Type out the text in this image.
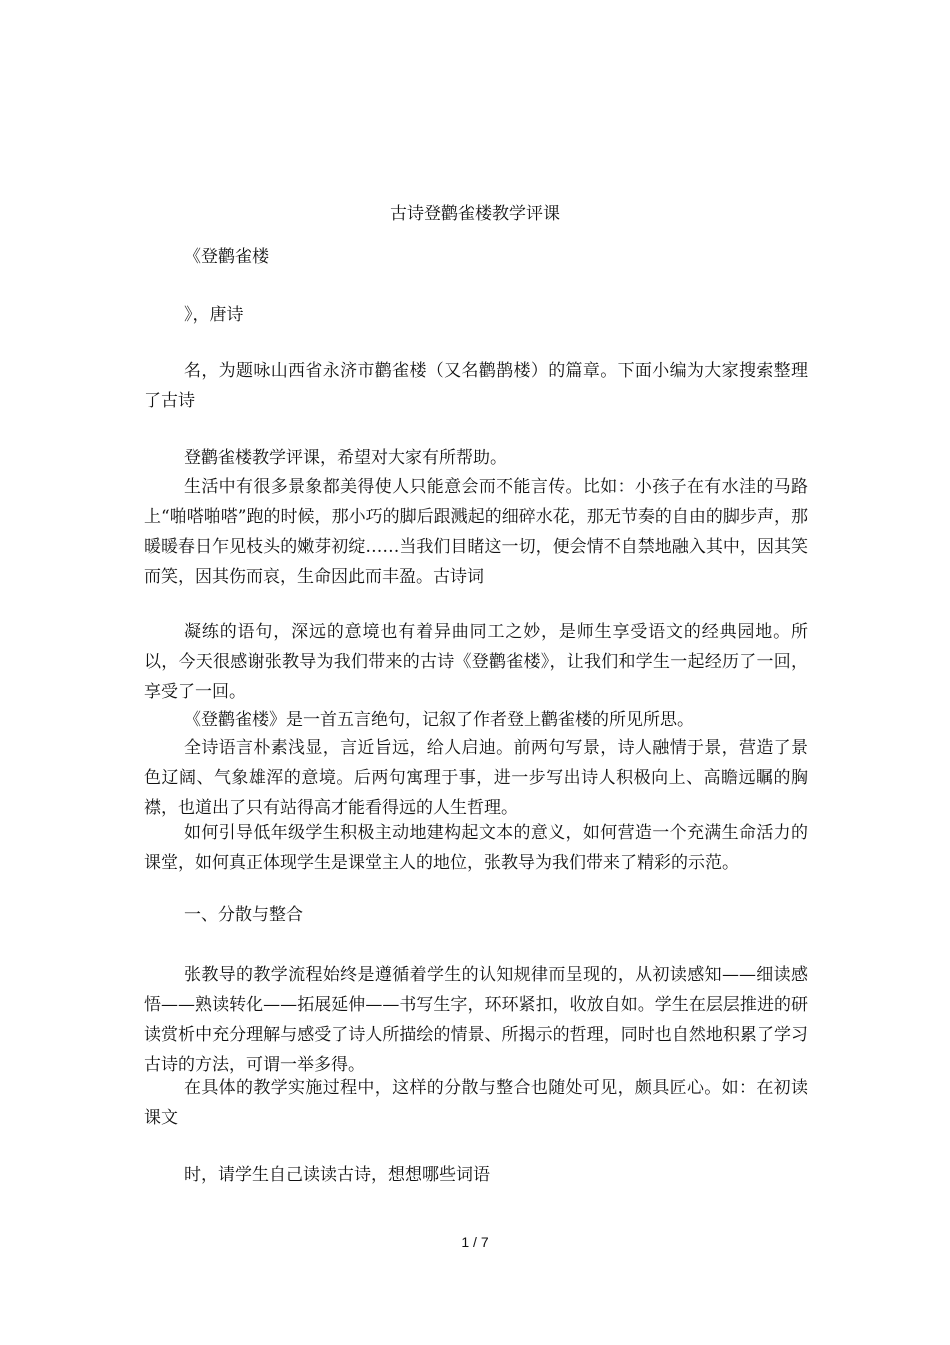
古诗登鹳雀楼教学评课

《登鹳雀楼

》，唐诗

名，为题咏山西省永济市鹳雀楼（又名鹳鹊楼）的篇章。下面小编为大家搜索整理了古诗

登鹳雀楼教学评课，希望对大家有所帮助。

生活中有很多景象都美得使人只能意会而不能言传。比如：小孩子在有水洼的马路上“啪嗒啪嗒”跑的时候，那小巧的脚后跟溅起的细碎水花，那无节奏的自由的脚步声，那暖暖春日乍见枝头的嫩芽初绽……当我们目睹这一切，便会情不自禁地融入其中，因其笑而笑，因其伤而哀，生命因此而丰盈。古诗词

凝练的语句，深远的意境也有着异曲同工之妙，是师生享受语文的经典园地。所以，今天很感谢张教导为我们带来的古诗《登鹳雀楼》，让我们和学生一起经历了一回，享受了一回。

《登鹳雀楼》是一首五言绝句，记叙了作者登上鹳雀楼的所见所思。

全诗语言朴素浅显，言近旨远，给人启迪。前两句写景，诗人融情于景，营造了景色辽阔、气象雄浑的意境。后两句寓理于事，进一步写出诗人积极向上、高瞻远瞩的胸襟，也道出了只有站得高才能看得远的人生哲理。

如何引导低年级学生积极主动地建构起文本的意义，如何营造一个充满生命活力的课堂，如何真正体现学生是课堂主人的地位，张教导为我们带来了精彩的示范。

一、分散与整合

张教导的教学流程始终是遵循着学生的认知规律而呈现的，从初读感知——细读感悟——熟读转化——拓展延伸——书写生字，环环紧扣，收放自如。学生在层层推进的研读赏析中充分理解与感受了诗人所描绘的情景、所揭示的哲理，同时也自然地积累了学习古诗的方法，可谓一举多得。

在具体的教学实施过程中，这样的分散与整合也随处可见，颇具匠心。如：在初读课文

时，请学生自己读读古诗，想想哪些词语

1 / 7
